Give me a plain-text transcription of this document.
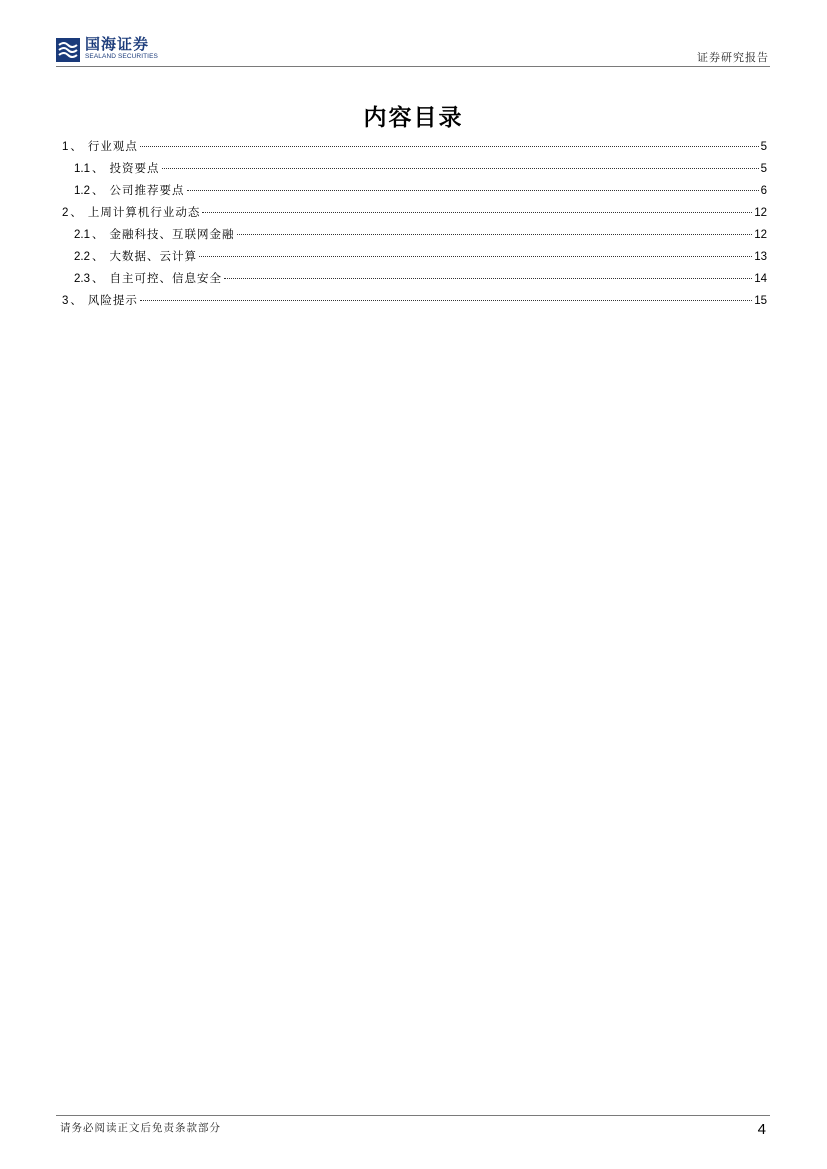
国海证券
SEALAND SECURITIES	证券研究报告
内容目录
1 、 行业观点	5
1.1 、 投资要点	5
1.2 、 公司推荐要点	6
2 、 上周计算机行业动态	12
2.1 、 金融科技、互联网金融	12
2.2 、 大数据、云计算	13
2.3 、 自主可控、信息安全	14
3 、 风险提示	15
请务必阅读正文后免责条款部分	4
